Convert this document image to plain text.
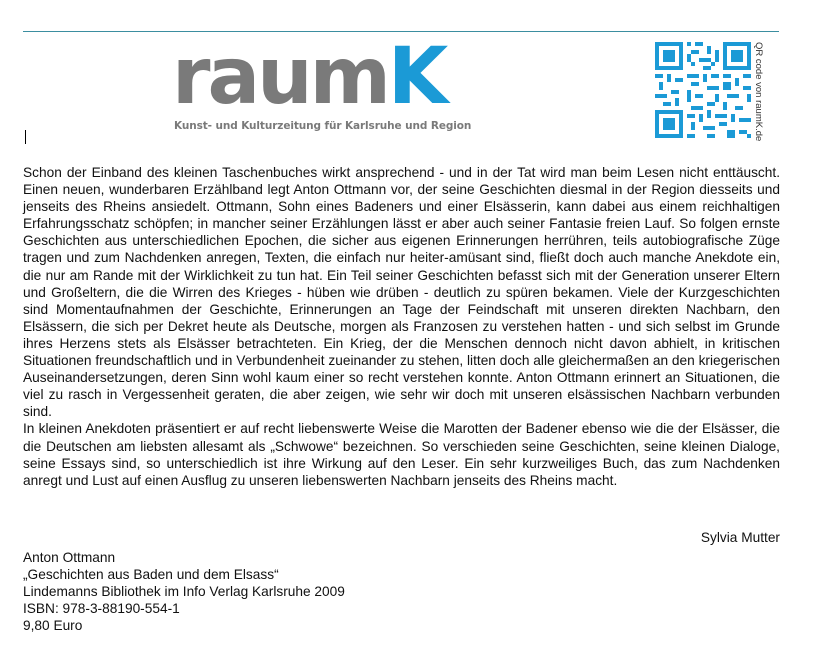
raumK
Kunst- und Kulturzeitung für Karlsruhe und Region	QR code von raumK.de

Schon der Einband des kleinen Taschenbuches wirkt ansprechend - und in der Tat wird man beim Lesen nicht enttäuscht. Einen neuen, wunderbaren Erzählband legt Anton Ottmann vor, der seine Geschichten diesmal in der Region diesseits und jenseits des Rheins ansiedelt. Ottmann, Sohn eines Badeners und einer Elsässerin, kann dabei aus einem reichhaltigen Erfahrungsschatz schöpfen; in mancher seiner Erzählungen lässt er aber auch seiner Fantasie freien Lauf. So folgen ernste Geschichten aus unterschiedlichen Epochen, die sicher aus eigenen Erinnerungen herrühren, teils autobiografische Züge tragen und zum Nachdenken anregen, Texten, die einfach nur heiter-amüsant sind, fließt doch auch manche Anekdote ein, die nur am Rande mit der Wirklichkeit zu tun hat. Ein Teil seiner Geschichten befasst sich mit der Generation unserer Eltern und Großeltern, die die Wirren des Krieges - hüben wie drüben - deutlich zu spüren bekamen. Viele der Kurzgeschichten sind Momentaufnahmen der Geschichte, Erinnerungen an Tage der Feindschaft mit unseren direkten Nachbarn, den Elsässern, die sich per Dekret heute als Deutsche, morgen als Franzosen zu verstehen hatten - und sich selbst im Grunde ihres Herzens stets als Elsässer betrachteten. Ein Krieg, der die Menschen dennoch nicht davon abhielt, in kritischen Situationen freundschaftlich und in Verbundenheit zueinander zu stehen, litten doch alle gleichermaßen an den kriegerischen Auseinandersetzungen, deren Sinn wohl kaum einer so recht verstehen konnte. Anton Ottmann erinnert an Situationen, die viel zu rasch in Vergessenheit geraten, die aber zeigen, wie sehr wir doch mit unseren elsässischen Nachbarn verbunden sind.

In kleinen Anekdoten präsentiert er auf recht liebenswerte Weise die Marotten der Badener ebenso wie die der Elsässer, die die Deutschen am liebsten allesamt als „Schwowe“ bezeichnen. So verschieden seine Geschichten, seine kleinen Dialoge, seine Essays sind, so unterschiedlich ist ihre Wirkung auf den Leser. Ein sehr kurzweiliges Buch, das zum Nachdenken anregt und Lust auf einen Ausflug zu unseren liebenswerten Nachbarn jenseits des Rheins macht.

Sylvia Mutter
Anton Ottmann
„Geschichten aus Baden und dem Elsass“
Lindemanns Bibliothek im Info Verlag Karlsruhe 2009
ISBN: 978-3-88190-554-1
9,80 Euro
